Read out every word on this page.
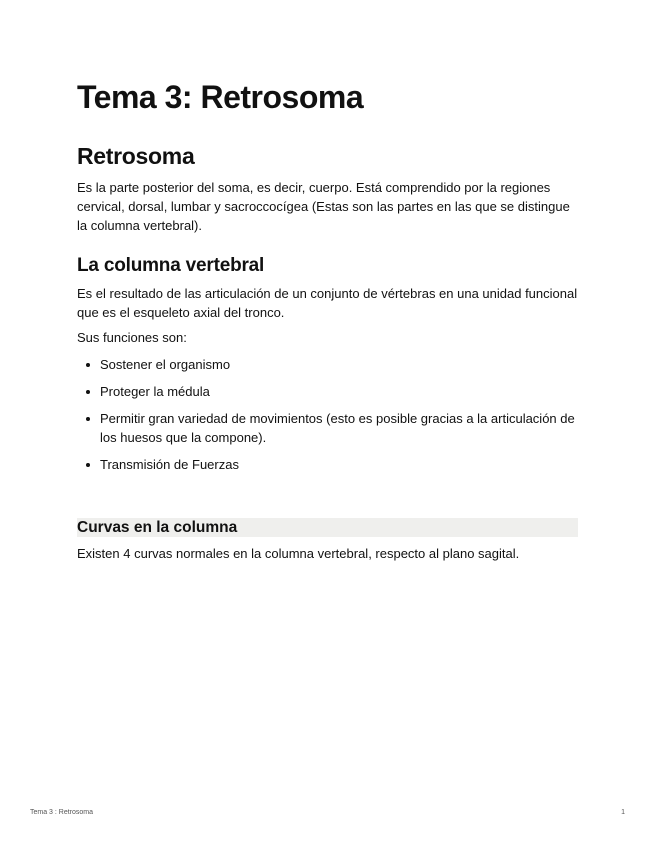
Tema 3: Retrosoma
Retrosoma

Es la parte posterior del soma, es decir, cuerpo. Está comprendido por la regiones cervical, dorsal, lumbar y sacroccocígea (Estas son las partes en las que se distingue la columna vertebral).

La columna vertebral

Es el resultado de las articulación de un conjunto de vértebras en una unidad funcional que es el esqueleto axial del tronco.

Sus funciones son:

Sostener el organismo
Proteger la médula
Permitir gran variedad de movimientos (esto es posible gracias a la articulación de los huesos que la compone).
Transmisión de Fuerzas
Curvas en la columna

Existen 4 curvas normales en la columna vertebral, respecto al plano sagital.

Tema 3 : Retrosoma	1
